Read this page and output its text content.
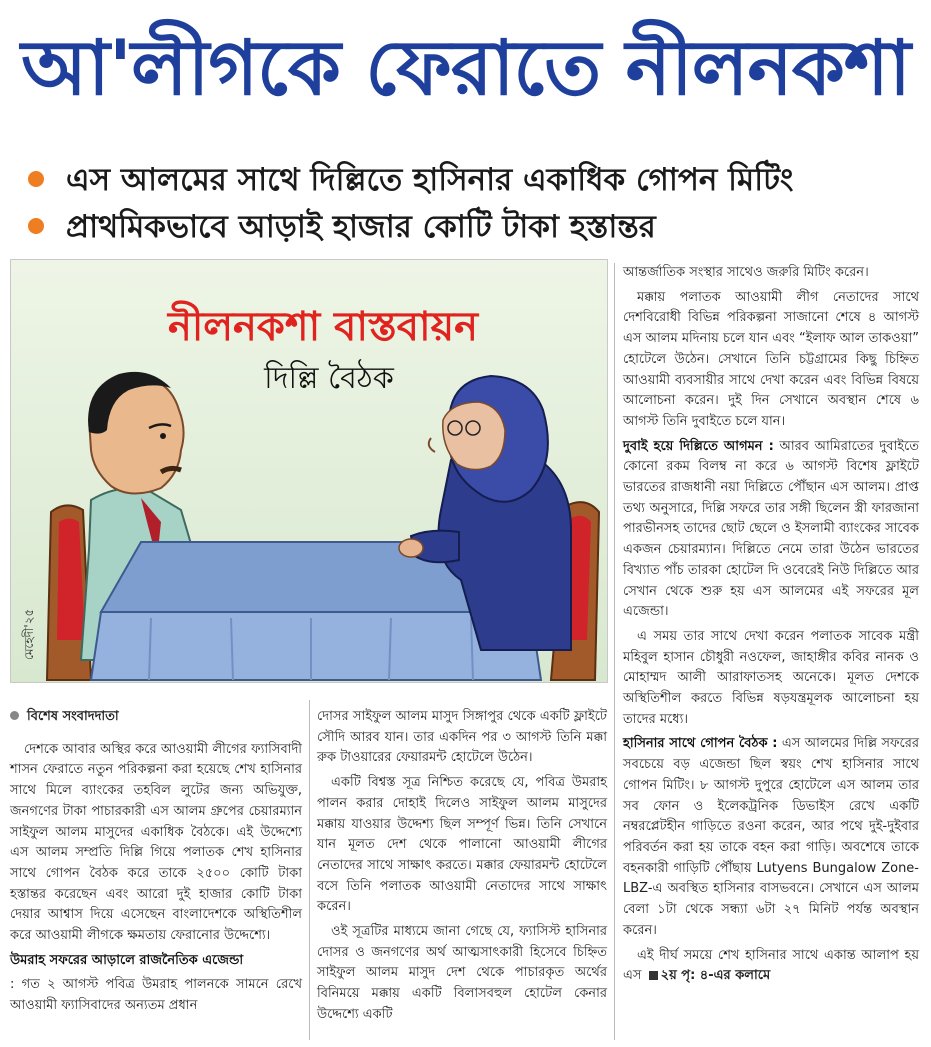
আ'লীগকে ফেরাতে নীলনকশা
এস আলমের সাথে দিল্লিতে হাসিনার একাধিক গোপন মিটিং
প্রাথমিকভাবে আড়াই হাজার কোটি টাকা হস্তান্তর
নীলনকশা বাস্তবায়ন
দিল্লি বৈঠক
মেহেদী'২৫
বিশেষ সংবাদদাতা

দেশকে আবার অস্থির করে আওয়ামী লীগের ফ্যাসিবাদী শাসন ফেরাতে নতুন পরিকল্পনা করা হয়েছে শেখ হাসিনার সাথে মিলে ব্যাংকের তহবিল লুটের জন্য অভিযুক্ত, জনগণের টাকা পাচারকারী এস আলম গ্রুপের চেয়ারম্যান সাইফুল আলম মাসুদের একাধিক বৈঠকে। এই উদ্দেশ্যে এস আলম সম্প্রতি দিল্লি গিয়ে পলাতক শেখ হাসিনার সাথে গোপন বৈঠক করে তাকে ২৫০০ কোটি টাকা হস্তান্তর করেছেন এবং আরো দুই হাজার কোটি টাকা দেয়ার আশ্বাস দিয়ে এসেছেন বাংলাদেশকে অস্থিতিশীল করে আওয়ামী লীগকে ক্ষমতায় ফেরানোর উদ্দেশ্যে।

উমরাহ সফরের আড়ালে রাজনৈতিক এজেন্ডা

: গত ২ আগস্ট পবিত্র উমরাহ পালনকে সামনে রেখে আওয়ামী ফ্যাসিবাদের অন্যতম প্রধান

দোসর সাইফুল আলম মাসুদ সিঙ্গাপুর থেকে একটি ফ্লাইটে সৌদি আরব যান। তার একদিন পর ৩ আগস্ট তিনি মক্কা রুক টাওয়ারের ফেয়ারমন্ট হোটেলে উঠেন।

একটি বিশ্বস্ত সূত্র নিশ্চিত করেছে যে, পবিত্র উমরাহ পালন করার দোহাই দিলেও সাইফুল আলম মাসুদের মক্কায় যাওয়ার উদ্দেশ্য ছিল সম্পূর্ণ ভিন্ন। তিনি সেখানে যান মূলত দেশ থেকে পালানো আওয়ামী লীগের নেতাদের সাথে সাক্ষাৎ করতে। মক্কার ফেয়ারমন্ট হোটেলে বসে তিনি পলাতক আওয়ামী নেতাদের সাথে সাক্ষাৎ করেন।

ওই সূত্রটির মাধ্যমে জানা গেছে যে, ফ্যাসিস্ট হাসিনার দোসর ও জনগণের অর্থ আত্মসাৎকারী হিসেবে চিহ্নিত সাইফুল আলম মাসুদ দেশ থেকে পাচারকৃত অর্থের বিনিময়ে মক্কায় একটি বিলাসবহুল হোটেল কেনার উদ্দেশ্যে একটি

আন্তর্জাতিক সংস্থার সাথেও জরুরি মিটিং করেন।

মক্কায় পলাতক আওয়ামী লীগ নেতাদের সাথে দেশবিরোধী বিভিন্ন পরিকল্পনা সাজানো শেষে ৪ আগস্ট এস আলম মদিনায় চলে যান এবং “ইলাফ আল তাকওয়া” হোটেলে উঠেন। সেখানে তিনি চট্টগ্রামের কিছু চিহ্নিত আওয়ামী ব্যবসায়ীর সাথে দেখা করেন এবং বিভিন্ন বিষয়ে আলোচনা করেন। দুই দিন সেখানে অবস্থান শেষে ৬ আগস্ট তিনি দুবাইতে চলে যান।

দুবাই হয়ে দিল্লিতে আগমন : আরব আমিরাতের দুবাইতে কোনো রকম বিলম্ব না করে ৬ আগস্ট বিশেষ ফ্লাইটে ভারতের রাজধানী নয়া দিল্লিতে পৌঁছান এস আলম। প্রাপ্ত তথ্য অনুসারে, দিল্লি সফরে তার সঙ্গী ছিলেন স্ত্রী ফারজানা পারভীনসহ তাদের ছোট ছেলে ও ইসলামী ব্যাংকের সাবেক একজন চেয়ারম্যান। দিল্লিতে নেমে তারা উঠেন ভারতের বিখ্যাত পাঁচ তারকা হোটেল দি ওবেরেই নিউ দিল্লিতে আর সেখান থেকে শুরু হয় এস আলমের এই সফরের মূল এজেন্ডা।

এ সময় তার সাথে দেখা করেন পলাতক সাবেক মন্ত্রী মহিবুল হাসান চৌধুরী নওফেল, জাহাঙ্গীর কবির নানক ও মোহাম্মদ আলী আরাফাতসহ অনেকে। মূলত দেশকে অস্থিতিশীল করতে বিভিন্ন ষড়যন্ত্রমূলক আলোচনা হয় তাদের মধ্যে।

হাসিনার সাথে গোপন বৈঠক : এস আলমের দিল্লি সফরের সবচেয়ে বড় এজেন্ডা ছিল স্বয়ং শেখ হাসিনার সাথে গোপন মিটিং। ৮ আগস্ট দুপুরে হোটেলে এস আলম তার সব ফোন ও ইলেকট্রনিক ডিভাইস রেখে একটি নম্বরপ্লেটহীন গাড়িতে রওনা করেন, আর পথে দুই-দুইবার পরিবর্তন করা হয় তাকে বহন করা গাড়ি। অবশেষে তাকে বহনকারী গাড়িটি পৌঁছায় Lutyens Bungalow Zone-LBZ-এ অবস্থিত হাসিনার বাসভবনে। সেখানে এস আলম বেলা ১টা থেকে সন্ধ্যা ৬টা ২৭ মিনিট পর্যন্ত অবস্থান করেন।

এই দীর্ঘ সময়ে শেখ হাসিনার সাথে একান্ত আলাপ হয় এস ২য় পৃ: ৪-এর কলামে
